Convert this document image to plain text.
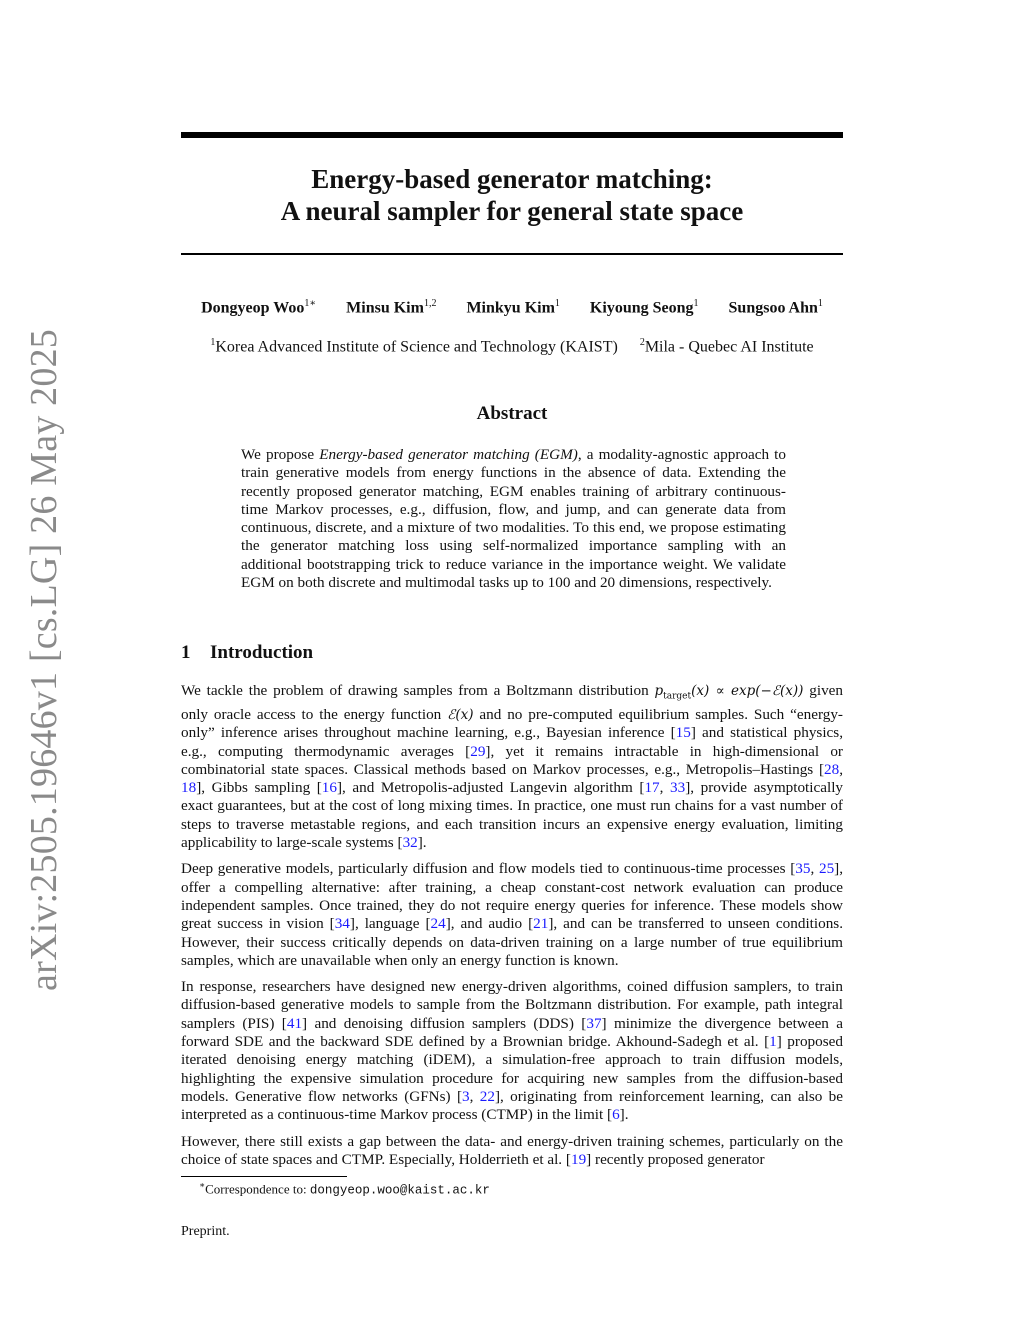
arXiv:2505.19646v1 [cs.LG] 26 May 2025
Energy-based generator matching:
A neural sampler for general state space
Dongyeop Woo$^{1∗}$ Minsu Kim$^{1,2}$ Minkyu Kim$^1$ Kiyoung Seong$^1$ Sungsoo Ahn$^1$
$^1$Korea Advanced Institute of Science and Technology (KAIST) $^2$Mila - Quebec AI Institute
Abstract
We propose Energy-based generator matching (EGM), a modality-agnostic approach to train generative models from energy functions in the absence of data. Extending the recently proposed generator matching, EGM enables training of arbitrary continuous-time Markov processes, e.g., diffusion, flow, and jump, and can generate data from continuous, discrete, and a mixture of two modalities. To this end, we propose estimating the generator matching loss using self-normalized importance sampling with an additional bootstrapping trick to reduce variance in the importance weight. We validate EGM on both discrete and multimodal tasks up to 100 and 20 dimensions, respectively.
1 Introduction

We tackle the problem of drawing samples from a Boltzmann distribution $p_{target}(x)$ ∝ exp(−ℰ(x)) given only oracle access to the energy function ℰ(x) and no pre-computed equilibrium samples. Such “energy-only” inference arises throughout machine learning, e.g., Bayesian inference [15] and statistical physics, e.g., computing thermodynamic averages [29], yet it remains intractable in high-dimensional or combinatorial state spaces. Classical methods based on Markov processes, e.g., Metropolis–Hastings [28, 18], Gibbs sampling [16], and Metropolis-adjusted Langevin algorithm [17, 33], provide asymptotically exact guarantees, but at the cost of long mixing times. In practice, one must run chains for a vast number of steps to traverse metastable regions, and each transition incurs an expensive energy evaluation, limiting applicability to large-scale systems [32].

Deep generative models, particularly diffusion and flow models tied to continuous-time processes [35, 25], offer a compelling alternative: after training, a cheap constant-cost network evaluation can produce independent samples. Once trained, they do not require energy queries for inference. These models show great success in vision [34], language [24], and audio [21], and can be transferred to unseen conditions. However, their success critically depends on data-driven training on a large number of true equilibrium samples, which are unavailable when only an energy function is known.

In response, researchers have designed new energy-driven algorithms, coined diffusion samplers, to train diffusion-based generative models to sample from the Boltzmann distribution. For example, path integral samplers (PIS) [41] and denoising diffusion samplers (DDS) [37] minimize the divergence between a forward SDE and the backward SDE defined by a Brownian bridge. Akhound-Sadegh et al. [1] proposed iterated denoising energy matching (iDEM), a simulation-free approach to train diffusion models, highlighting the expensive simulation procedure for acquiring new samples from the diffusion-based models. Generative flow networks (GFNs) [3, 22], originating from reinforcement learning, can also be interpreted as a continuous-time Markov process (CTMP) in the limit [6].

However, there still exists a gap between the data- and energy-driven training schemes, particularly on the choice of state spaces and CTMP. Especially, Holderrieth et al. [19] recently proposed generator

∗Correspondence to: dongyeop.woo@kaist.ac.kr
Preprint.
